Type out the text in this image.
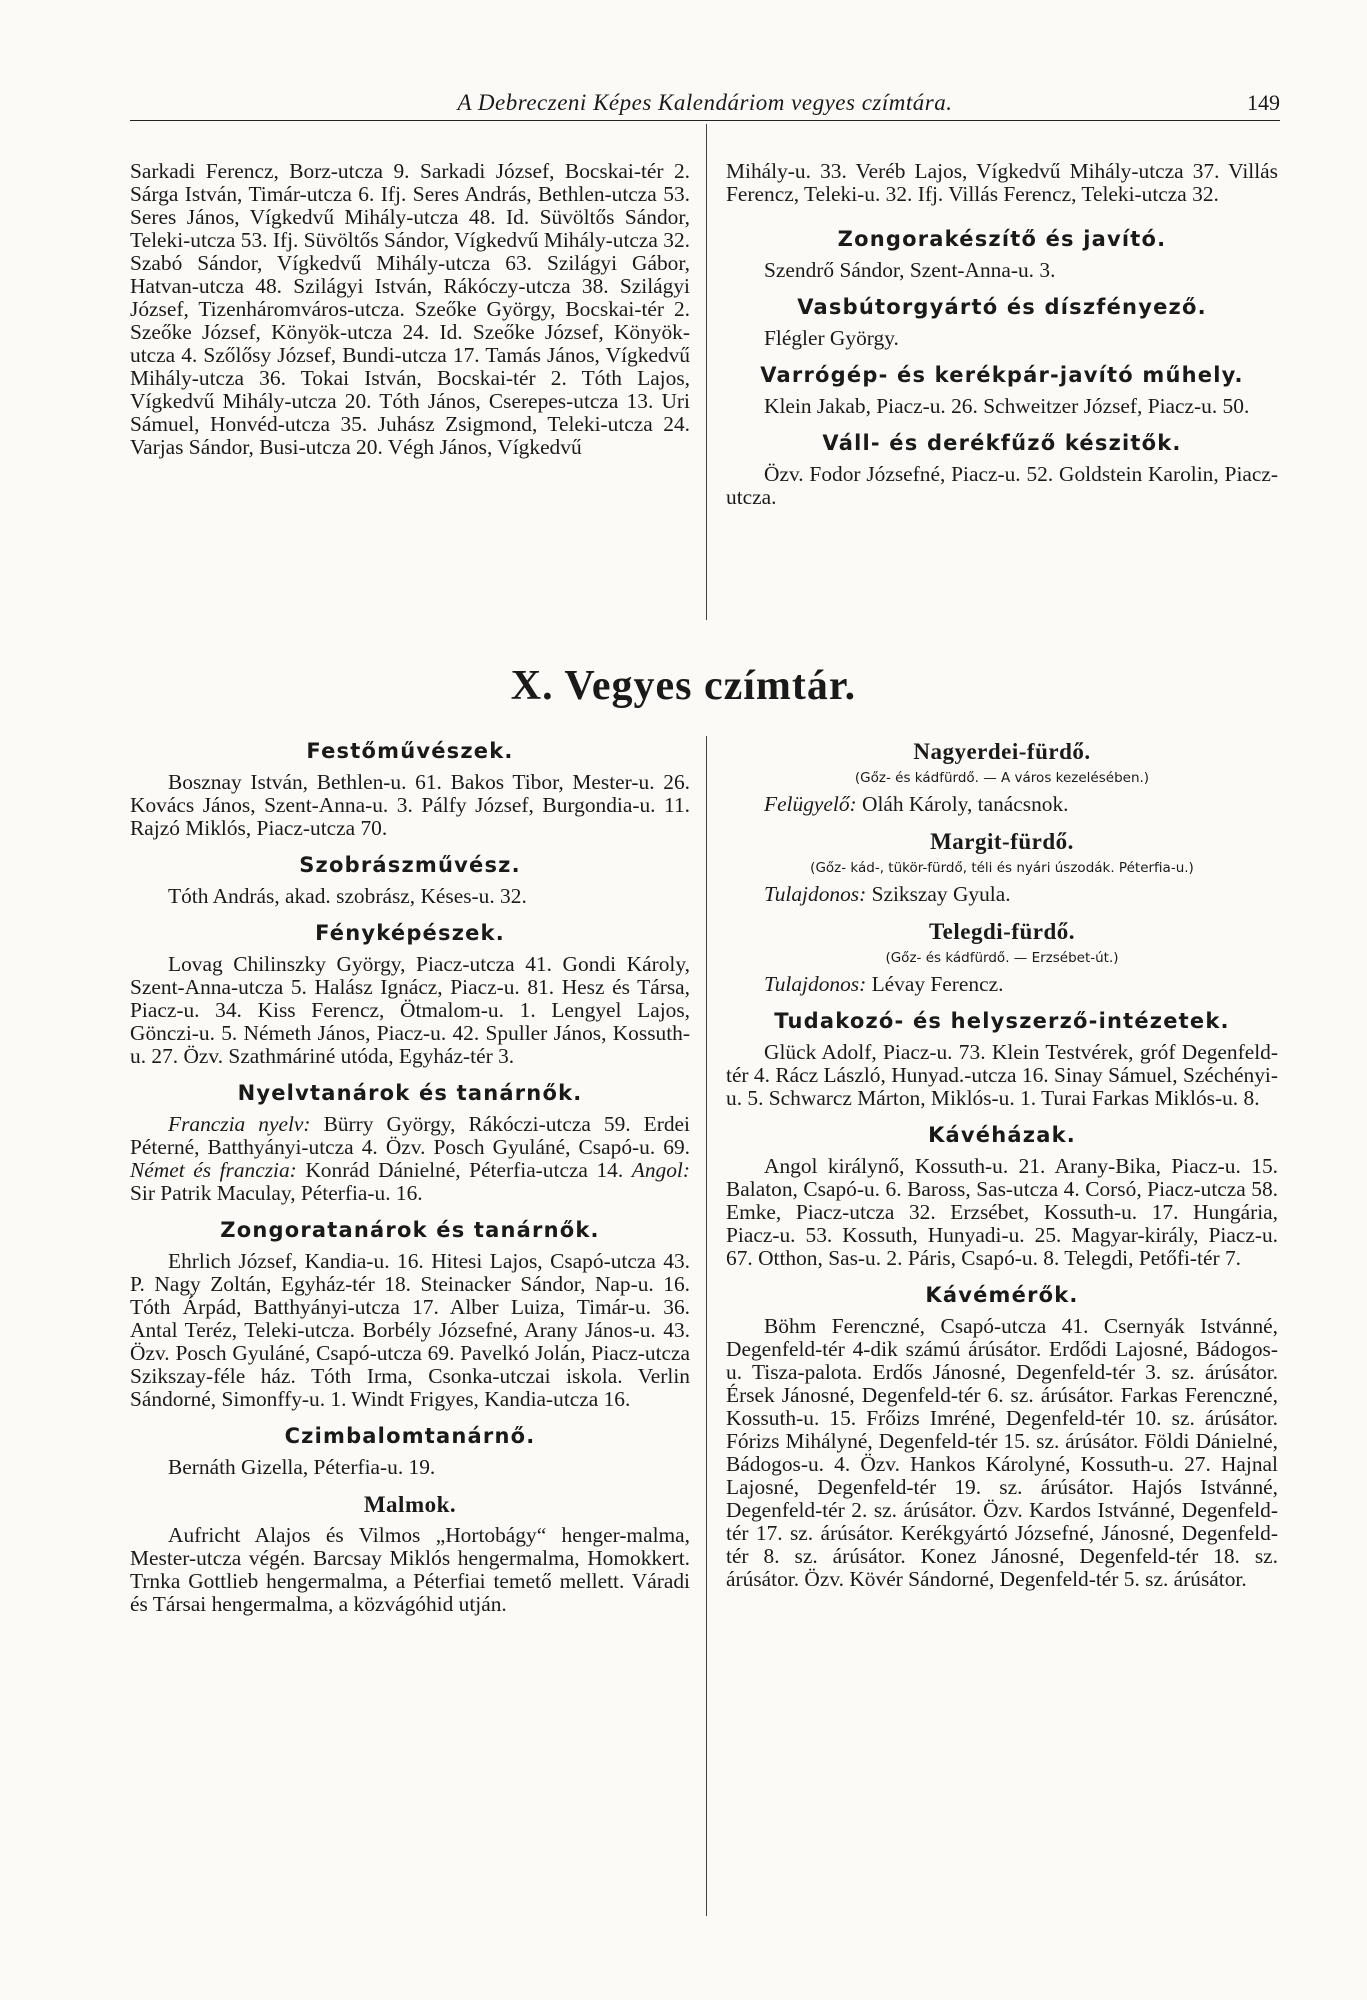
A Debreczeni Képes Kalendáriom vegyes czímtára.	149

Sarkadi Ferencz, Borz-utcza 9. Sarkadi József, Bocskai-tér 2. Sárga István, Timár-utcza 6. Ifj. Seres András, Bethlen-utcza 53. Seres János, Vígkedvű Mihály-utcza 48. Id. Süvöltős Sándor, Teleki-utcza 53. Ifj. Süvöltős Sándor, Vígkedvű Mihály-utcza 32. Szabó Sándor, Vígkedvű Mihály-utcza 63. Szilágyi Gábor, Hatvan-utcza 48. Szilágyi István, Rákóczy-utcza 38. Szilágyi József, Tizenháromváros-utcza. Szeőke György, Bocskai-tér 2. Szeőke József, Könyök-utcza 24. Id. Szeőke József, Könyök-utcza 4. Szőlősy József, Bundi-utcza 17. Tamás János, Vígkedvű Mihály-utcza 36. Tokai István, Bocskai-tér 2. Tóth Lajos, Vígkedvű Mihály-utcza 20. Tóth János, Cserepes-utcza 13. Uri Sámuel, Honvéd-utcza 35. Juhász Zsigmond, Teleki-utcza 24. Varjas Sándor, Busi-utcza 20. Végh János, Vígkedvű

Mihály-u. 33. Veréb Lajos, Vígkedvű Mihály-utcza 37. Villás Ferencz, Teleki-u. 32. Ifj. Villás Ferencz, Teleki-utcza 32.

Zongorakészítő és javító.

Szendrő Sándor, Szent-Anna-u. 3.

Vasbútorgyártó és díszfényező.

Flégler György.

Varrógép- és kerékpár-javító műhely.

Klein Jakab, Piacz-u. 26. Schweitzer József, Piacz-u. 50.

Váll- és derékfűző készitők.

Özv. Fodor Józsefné, Piacz-u. 52. Goldstein Karolin, Piacz-utcza.

X. Vegyes czímtár.
Festőművészek.

Bosznay István, Bethlen-u. 61. Bakos Tibor, Mester-u. 26. Kovács János, Szent-Anna-u. 3. Pálfy József, Burgondia-u. 11. Rajzó Miklós, Piacz-utcza 70.

Szobrászművész.

Tóth András, akad. szobrász, Késes-u. 32.

Fényképészek.

Lovag Chilinszky György, Piacz-utcza 41. Gondi Károly, Szent-Anna-utcza 5. Halász Ignácz, Piacz-u. 81. Hesz és Társa, Piacz-u. 34. Kiss Ferencz, Ötmalom-u. 1. Lengyel Lajos, Gönczi-u. 5. Németh János, Piacz-u. 42. Spuller János, Kossuth-u. 27. Özv. Szathmáriné utóda, Egyház-tér 3.

Nyelvtanárok és tanárnők.

Franczia nyelv: Bürry György, Rákóczi-utcza 59. Erdei Péterné, Batthyányi-utcza 4. Özv. Posch Gyuláné, Csapó-u. 69. Német és franczia: Konrád Dánielné, Péterfia-utcza 14. Angol: Sir Patrik Maculay, Péterfia-u. 16.

Zongoratanárok és tanárnők.

Ehrlich József, Kandia-u. 16. Hitesi Lajos, Csapó-utcza 43. P. Nagy Zoltán, Egyház-tér 18. Steinacker Sándor, Nap-u. 16. Tóth Árpád, Batthyányi-utcza 17. Alber Luiza, Timár-u. 36. Antal Teréz, Teleki-utcza. Borbély Józsefné, Arany János-u. 43. Özv. Posch Gyuláné, Csapó-utcza 69. Pavelkó Jolán, Piacz-utcza Szikszay-féle ház. Tóth Irma, Csonka-utczai iskola. Verlin Sándorné, Simonffy-u. 1. Windt Frigyes, Kandia-utcza 16.

Czimbalomtanárnő.

Bernáth Gizella, Péterfia-u. 19.

Malmok.

Aufricht Alajos és Vilmos „Hortobágy“ henger-malma, Mester-utcza végén. Barcsay Miklós hengermalma, Homokkert. Trnka Gottlieb hengermalma, a Péterfiai temető mellett. Váradi és Társai hengermalma, a közvágóhid utján.

Nagyerdei-fürdő.
(Gőz- és kádfürdő. — A város kezelésében.)

Felügyelő: Oláh Károly, tanácsnok.

Margit-fürdő.
(Gőz- kád-, tükör-fürdő, téli és nyári úszodák. Péterfia-u.)

Tulajdonos: Szikszay Gyula.

Telegdi-fürdő.
(Gőz- és kádfürdő. — Erzsébet-út.)

Tulajdonos: Lévay Ferencz.

Tudakozó- és helyszerző-intézetek.

Glück Adolf, Piacz-u. 73. Klein Testvérek, gróf Degenfeld-tér 4. Rácz László, Hunyad.-utcza 16. Sinay Sámuel, Széchényi-u. 5. Schwarcz Márton, Miklós-u. 1. Turai Farkas Miklós-u. 8.

Kávéházak.

Angol királynő, Kossuth-u. 21. Arany-Bika, Piacz-u. 15. Balaton, Csapó-u. 6. Baross, Sas-utcza 4. Corsó, Piacz-utcza 58. Emke, Piacz-utcza 32. Erzsébet, Kossuth-u. 17. Hungária, Piacz-u. 53. Kossuth, Hunyadi-u. 25. Magyar-király, Piacz-u. 67. Otthon, Sas-u. 2. Páris, Csapó-u. 8. Telegdi, Petőfi-tér 7.

Kávémérők.

Böhm Ferenczné, Csapó-utcza 41. Csernyák Istvánné, Degenfeld-tér 4-dik számú árúsátor. Erdődi Lajosné, Bádogos-u. Tisza-palota. Erdős Jánosné, Degenfeld-tér 3. sz. árúsátor. Érsek Jánosné, Degenfeld-tér 6. sz. árúsátor. Farkas Ferenczné, Kossuth-u. 15. Frőizs Imréné, Degenfeld-tér 10. sz. árúsátor. Fórizs Mihályné, Degenfeld-tér 15. sz. árúsátor. Földi Dánielné, Bádogos-u. 4. Özv. Hankos Károlyné, Kossuth-u. 27. Hajnal Lajosné, Degenfeld-tér 19. sz. árúsátor. Hajós Istvánné, Degenfeld-tér 2. sz. árúsátor. Özv. Kardos Istvánné, Degenfeld-tér 17. sz. árúsátor. Kerékgyártó Józsefné, Jánosné, Degenfeld-tér 8. sz. árúsátor. Konez Jánosné, Degenfeld-tér 18. sz. árúsátor. Özv. Kövér Sándorné, Degenfeld-tér 5. sz. árúsátor.
